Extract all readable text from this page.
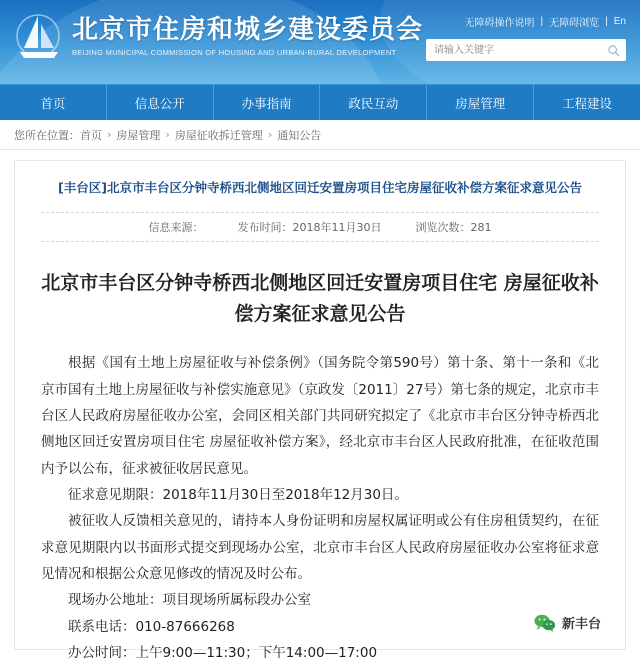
北京市住房和城乡建设委员会
BEIJING MUNICIPAL COMMISSION OF HOUSING AND URBAN-RURAL DEVELOPMENT
无障碍操作说明 | 无障碍浏览 | En
请输入关键字
首页	信息公开	办事指南	政民互动	房屋管理	工程建设
您所在位置： 首页 › 房屋管理 › 房屋征收拆迁管理 › 通知公告
[丰台区]北京市丰台区分钟寺桥西北侧地区回迁安置房项目住宅房屋征收补偿方案征求意见公告
信息来源：	发布时间：2018年11月30日	浏览次数：281
北京市丰台区分钟寺桥西北侧地区回迁安置房项目住宅 房屋征收补偿方案征求意见公告

根据《国有土地上房屋征收与补偿条例》（国务院令第590号）第十条、第十一条和《北京市国有土地上房屋征收与补偿实施意见》（京政发〔2011〕27号）第七条的规定，北京市丰台区人民政府房屋征收办公室，会同区相关部门共同研究拟定了《北京市丰台区分钟寺桥西北侧地区回迁安置房项目住宅 房屋征收补偿方案》，经北京市丰台区人民政府批准，在征收范围内予以公布，征求被征收居民意见。

征求意见期限：2018年11月30日至2018年12月30日。

被征收人反馈相关意见的，请持本人身份证明和房屋权属证明或公有住房租赁契约，在征求意见期限内以书面形式提交到现场办公室，北京市丰台区人民政府房屋征收办公室将征求意见情况和根据公众意见修改的情况及时公布。

现场办公地址：项目现场所属标段办公室

联系电话：010-87666268

办公时间：上午9:00—11:30；下午14:00—17:00

新丰台
